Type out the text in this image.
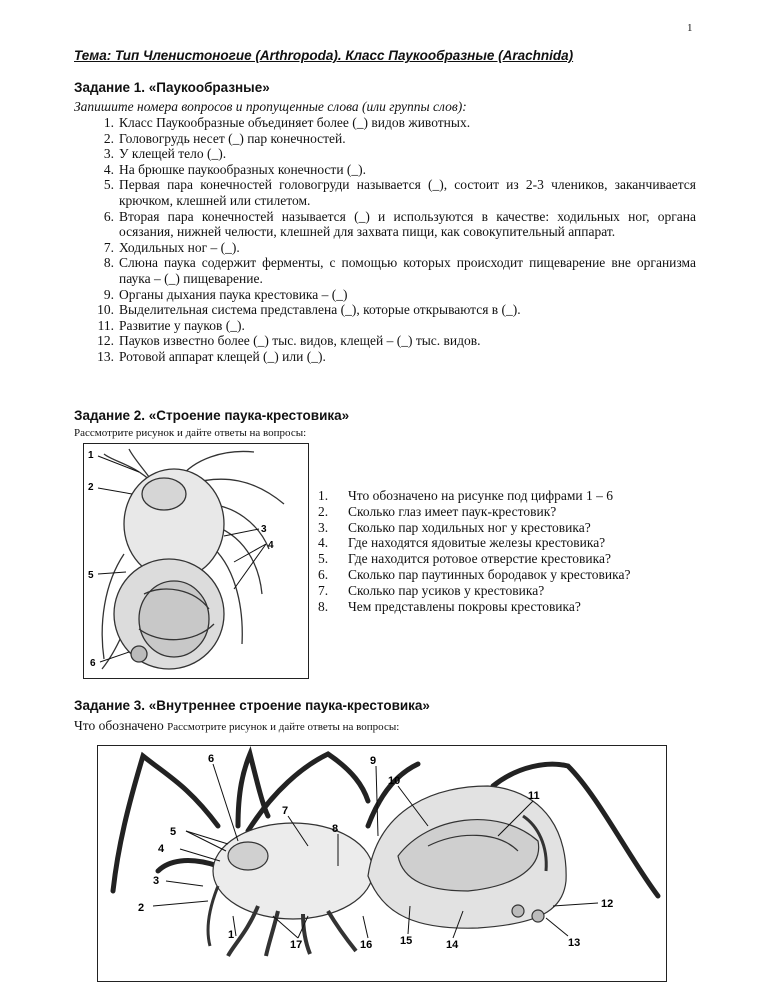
1
Тема: Тип Членистоногие (Arthropoda). Класс Паукообразные (Arachnida)
Задание 1. «Паукообразные»
Запишите номера вопросов и пропущенные слова (или группы слов):
1. Класс Паукообразные объединяет более (_) видов животных.
2. Головогрудь несет (_) пар конечностей.
3. У клещей тело (_).
4. На брюшке паукообразных конечности (_).
5. Первая пара конечностей головогруди называется (_), состоит из 2-3 члеников, заканчивается крючком, клешней или стилетом.
6. Вторая пара конечностей называется (_) и используются в качестве: ходильных ног, органа осязания, нижней челюсти, клешней для захвата пищи, как совокупительный аппарат.
7. Ходильных ног – (_).
8. Слюна паука содержит ферменты, с помощью которых происходит пищеварение вне организма паука – (_) пищеварение.
9. Органы дыхания паука крестовика – (_)
10. Выделительная система представлена (_), которые открываются в (_).
11. Развитие у пауков (_).
12. Пауков известно более (_) тыс. видов, клещей – (_) тыс. видов.
13. Ротовой аппарат клещей (_) или (_).
Задание 2. «Строение паука-крестовика»
Рассмотрите рисунок и дайте ответы на вопросы:
1
2
3
4
5
6
1.	Что обозначено на рисунке под цифрами 1 – 6
2.	Сколько глаз имеет паук-крестовик?
3.	Сколько пар ходильных ног у крестовика?
4.	Где находятся ядовитые железы крестовика?
5.	Где находится ротовое отверстие крестовика?
6.	Сколько пар паутинных бородавок у крестовика?
7.	Сколько пар усиков у крестовика?
8.	Чем представлены покровы крестовика?
Задание 3. «Внутреннее строение паука-крестовика»
Что обозначено Рассмотрите рисунок и дайте ответы на вопросы:
1
2
3
4
5
6
7
8
9
10
11
12
13
14
15
16
17
